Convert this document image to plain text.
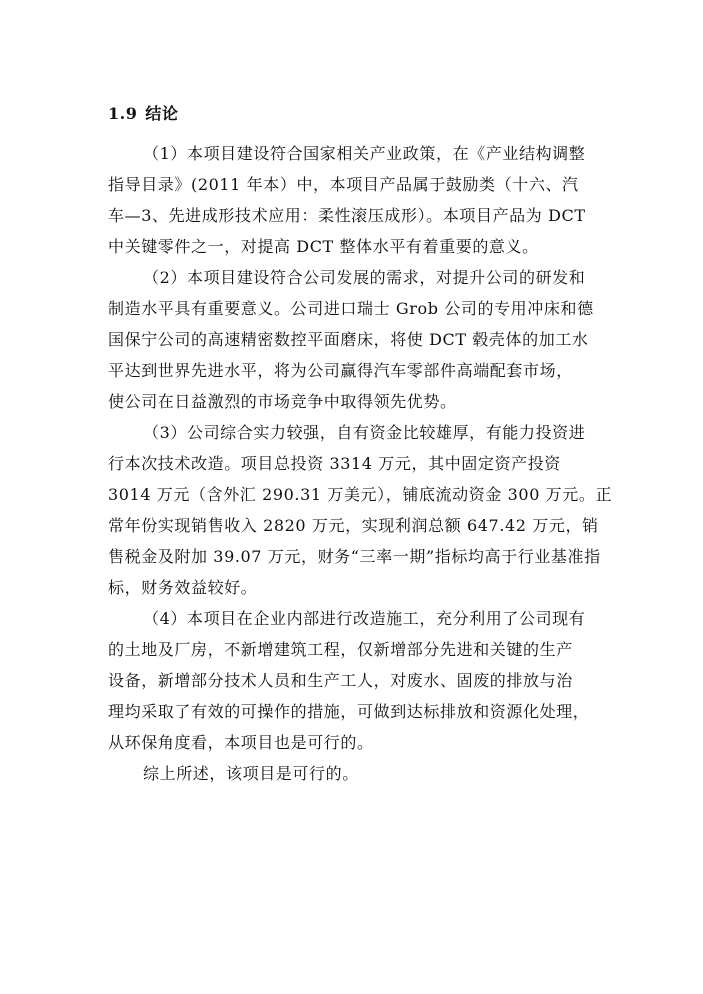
1.9 结论
（1）本项目建设符合国家相关产业政策，在《产业结构调整
指导目录》(2011 年本）中，本项目产品属于鼓励类（十六、汽
车—3、先进成形技术应用：柔性滚压成形）。本项目产品为 DCT
中关键零件之一，对提高 DCT 整体水平有着重要的意义。
（2）本项目建设符合公司发展的需求，对提升公司的研发和
制造水平具有重要意义。公司进口瑞士 Grob 公司的专用冲床和德
国保宁公司的高速精密数控平面磨床，将使 DCT 毂壳体的加工水
平达到世界先进水平，将为公司赢得汽车零部件高端配套市场，
使公司在日益激烈的市场竞争中取得领先优势。
（3）公司综合实力较强，自有资金比较雄厚，有能力投资进
行本次技术改造。项目总投资 3314 万元，其中固定资产投资
3014 万元（含外汇 290.31 万美元），铺底流动资金 300 万元。正
常年份实现销售收入 2820 万元，实现利润总额 647.42 万元，销
售税金及附加 39.07 万元，财务“三率一期”指标均高于行业基准指
标，财务效益较好。
（4）本项目在企业内部进行改造施工，充分利用了公司现有
的土地及厂房，不新增建筑工程，仅新增部分先进和关键的生产
设备，新增部分技术人员和生产工人，对废水、固废的排放与治
理均采取了有效的可操作的措施，可做到达标排放和资源化处理，
从环保角度看，本项目也是可行的。
综上所述，该项目是可行的。
